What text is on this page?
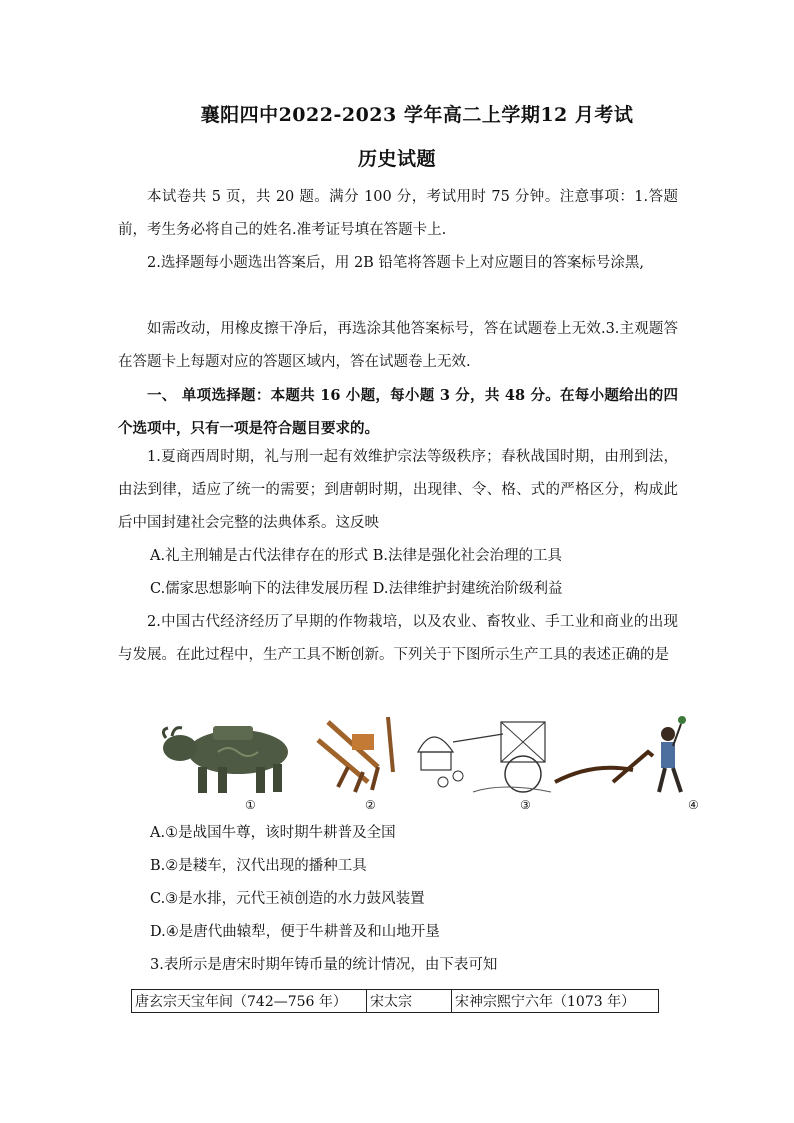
襄阳四中2022-2023 学年高二上学期12 月考试
历史试题
本试卷共 5 页，共 20 题。满分 100 分，考试用时 75 分钟。注意事项：1.答题前，考生务必将自己的姓名.准考证号填在答题卡上.
2.选择题每小题选出答案后，用 2B 铅笔将答题卡上对应题目的答案标号涂黑,
如需改动，用橡皮擦干净后，再选涂其他答案标号，答在试题卷上无效.3.主观题答在答题卡上每题对应的答题区域内，答在试题卷上无效.
一、 单项选择题：本题共 16 小题，每小题 3 分，共 48 分。在每小题给出的四个选项中，只有一项是符合题目要求的。
1.夏商西周时期，礼与刑一起有效维护宗法等级秩序；春秋战国时期，由刑到法，由法到律，适应了统一的需要；到唐朝时期，出现律、令、格、式的严格区分，构成此后中国封建社会完整的法典体系。这反映
A.礼主刑辅是古代法律存在的形式 B.法律是强化社会治理的工具
C.儒家思想影响下的法律发展历程 D.法律维护封建统治阶级利益
2.中国古代经济经历了早期的作物栽培，以及农业、畜牧业、手工业和商业的出现与发展。在此过程中，生产工具不断创新。下列关于下图所示生产工具的表述正确的是
①	②	③	④
A.①是战国牛尊，该时期牛耕普及全国
B.②是耧车，汉代出现的播种工具
C.③是水排，元代王祯创造的水力鼓风装置
D.④是唐代曲辕犁，便于牛耕普及和山地开垦
3.表所示是唐宋时期年铸币量的统计情况，由下表可知
唐玄宗天宝年间（742—756 年）	宋太宗	宋神宗熙宁六年（1073 年）
